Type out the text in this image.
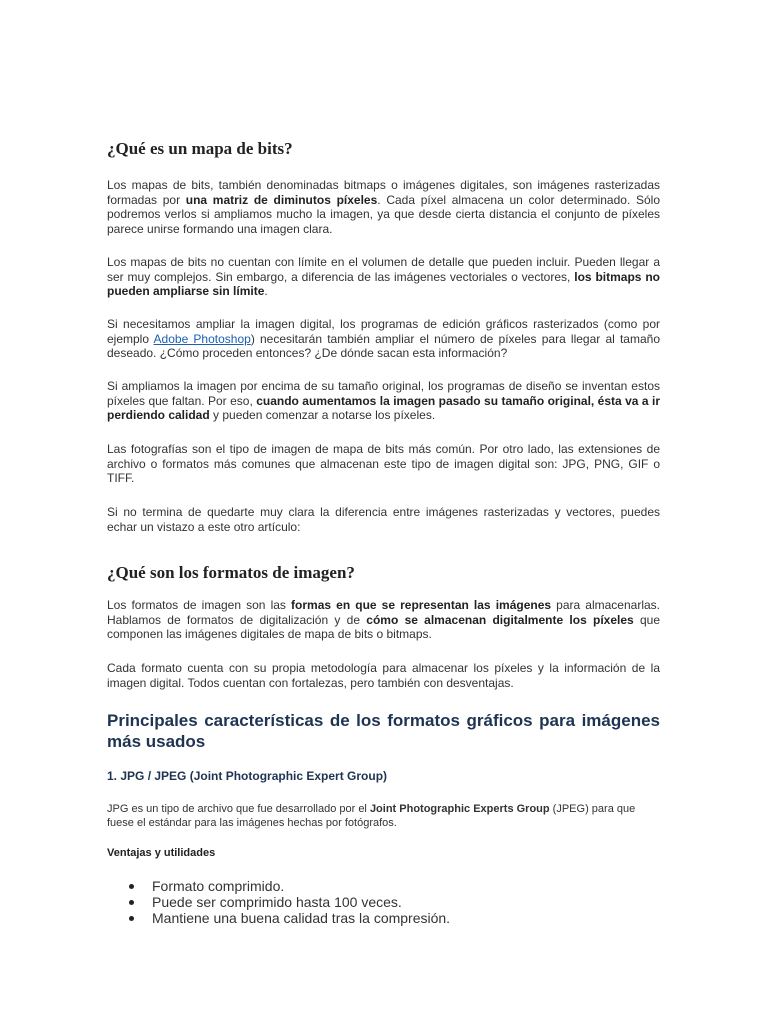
¿Qué es un mapa de bits?

Los mapas de bits, también denominadas bitmaps o imágenes digitales, son imágenes rasterizadas formadas por una matriz de diminutos píxeles. Cada píxel almacena un color determinado. Sólo podremos verlos si ampliamos mucho la imagen, ya que desde cierta distancia el conjunto de píxeles parece unirse formando una imagen clara.

Los mapas de bits no cuentan con límite en el volumen de detalle que pueden incluir. Pueden llegar a ser muy complejos. Sin embargo, a diferencia de las imágenes vectoriales o vectores, los bitmaps no pueden ampliarse sin límite.

Si necesitamos ampliar la imagen digital, los programas de edición gráficos rasterizados (como por ejemplo Adobe Photoshop) necesitarán también ampliar el número de píxeles para llegar al tamaño deseado. ¿Cómo proceden entonces? ¿De dónde sacan esta información?

Si ampliamos la imagen por encima de su tamaño original, los programas de diseño se inventan estos píxeles que faltan. Por eso, cuando aumentamos la imagen pasado su tamaño original, ésta va a ir perdiendo calidad y pueden comenzar a notarse los píxeles.

Las fotografías son el tipo de imagen de mapa de bits más común. Por otro lado, las extensiones de archivo o formatos más comunes que almacenan este tipo de imagen digital son: JPG, PNG, GIF o TIFF.

Si no termina de quedarte muy clara la diferencia entre imágenes rasterizadas y vectores, puedes echar un vistazo a este otro artículo:

¿Qué son los formatos de imagen?

Los formatos de imagen son las formas en que se representan las imágenes para almacenarlas. Hablamos de formatos de digitalización y de cómo se almacenan digitalmente los píxeles que componen las imágenes digitales de mapa de bits o bitmaps.

Cada formato cuenta con su propia metodología para almacenar los píxeles y la información de la imagen digital. Todos cuentan con fortalezas, pero también con desventajas.

Principales características de los formatos gráficos para imágenes más usados
1. JPG / JPEG (Joint Photographic Expert Group)

JPG es un tipo de archivo que fue desarrollado por el Joint Photographic Experts Group (JPEG) para que fuese el estándar para las imágenes hechas por fotógrafos.

Ventajas y utilidades
Formato comprimido.
Puede ser comprimido hasta 100 veces.
Mantiene una buena calidad tras la compresión.
